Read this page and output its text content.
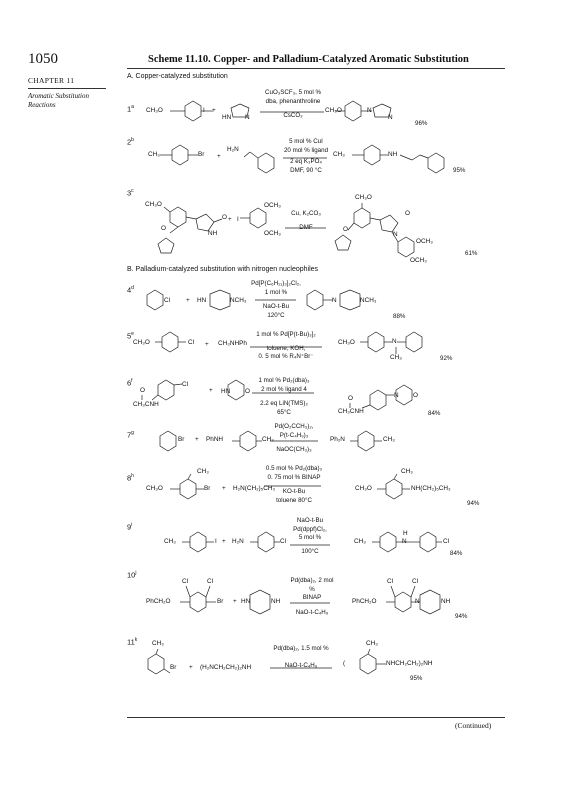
1050	Scheme 11.10. Copper- and Palladium-Catalyzed Aromatic Substitution
CHAPTER 11
Aromatic Substitution Reactions
A. Copper-catalyzed substitution
B. Palladium-catalyzed substitution with nitrogen nucleophiles
1$^a$
2$^b$
3$^c$
4$^d$
5e
6$^f$
7$^g$
8$^h$
9$^i$
10$^j$
11$^k$
CH₃O	I +
HN N
CuO₃SCF₃, 5 mol %
dba, phenanthroline
CsCO₃
CH₃O	N
N
96%
CH₃	Br +
H₂N
5 mol % CuI
20 mol % ligand
2 eq K₃PO₄
DMF, 90 °C
CH₃	NH
95%
CH₃O
O
O
NH
+ I
OCH₃
OCH₃
Cu, K₂CO₃
DMF
CH₃O
O
O
N
OCH₃
OCH₃
61%
Cl + HN	NCH₃
Pd[P(C₆H₁₁)₃]₂Cl₂,
1 mol %
NaO-t-Bu
120°C
N	NCH₃
88%
CH₃O	Cl + CH₃NHPh
1 mol % Pd[P(t-Bu)₃]₂
toluene, KOH,
0. 5 mol % R₄N⁺Br⁻
CH₃O	N
CH₃	92%
O
Cl
CH₃CNH
+ HN O
1 mol % Pd₂(dba)₃
2 mol % ligand 4
2.2 eq LiN(TMS)₂
65°C
O
CH₃CNH
N O
84%
Br + PhNH	CH₃
Pd(O₂CCH₃)₂,
P(t-C₄H₉)₃
NaOC(CH₃)₃
Ph₂N	CH₃
CH₃
CH₃O	Br + H₂N(CH₂)₅CH₃
0.5 mol % Pd₂(dba)₃
0. 75 mol % BINAP
KO-t-Bu
toluene 80°C
CH₃
CH₃O	NH(CH₂)₅CH₃
94%
CH₃	I + H₂N	Cl
NaO-t-Bu
Pd(dppf)Cl₂,
5 mol %
100°C
CH₃
H
N	Cl
84%
Cl	Cl
PhCH₂O	Br + HN	NH
Pd(dba)₂, 2 mol %
BINAP
NaO-t-C₄H₉
Cl	Cl
PhCH₂O	N	NH
94%
CH₃
Br + (H₂NCH₂CH₂)₂NH
Pd(dba)₂, 1.5 mol %
NaO-t-C₄H₉
CH₃
NHCH₂CH₂)₂NH
(
95%
(Continued)
